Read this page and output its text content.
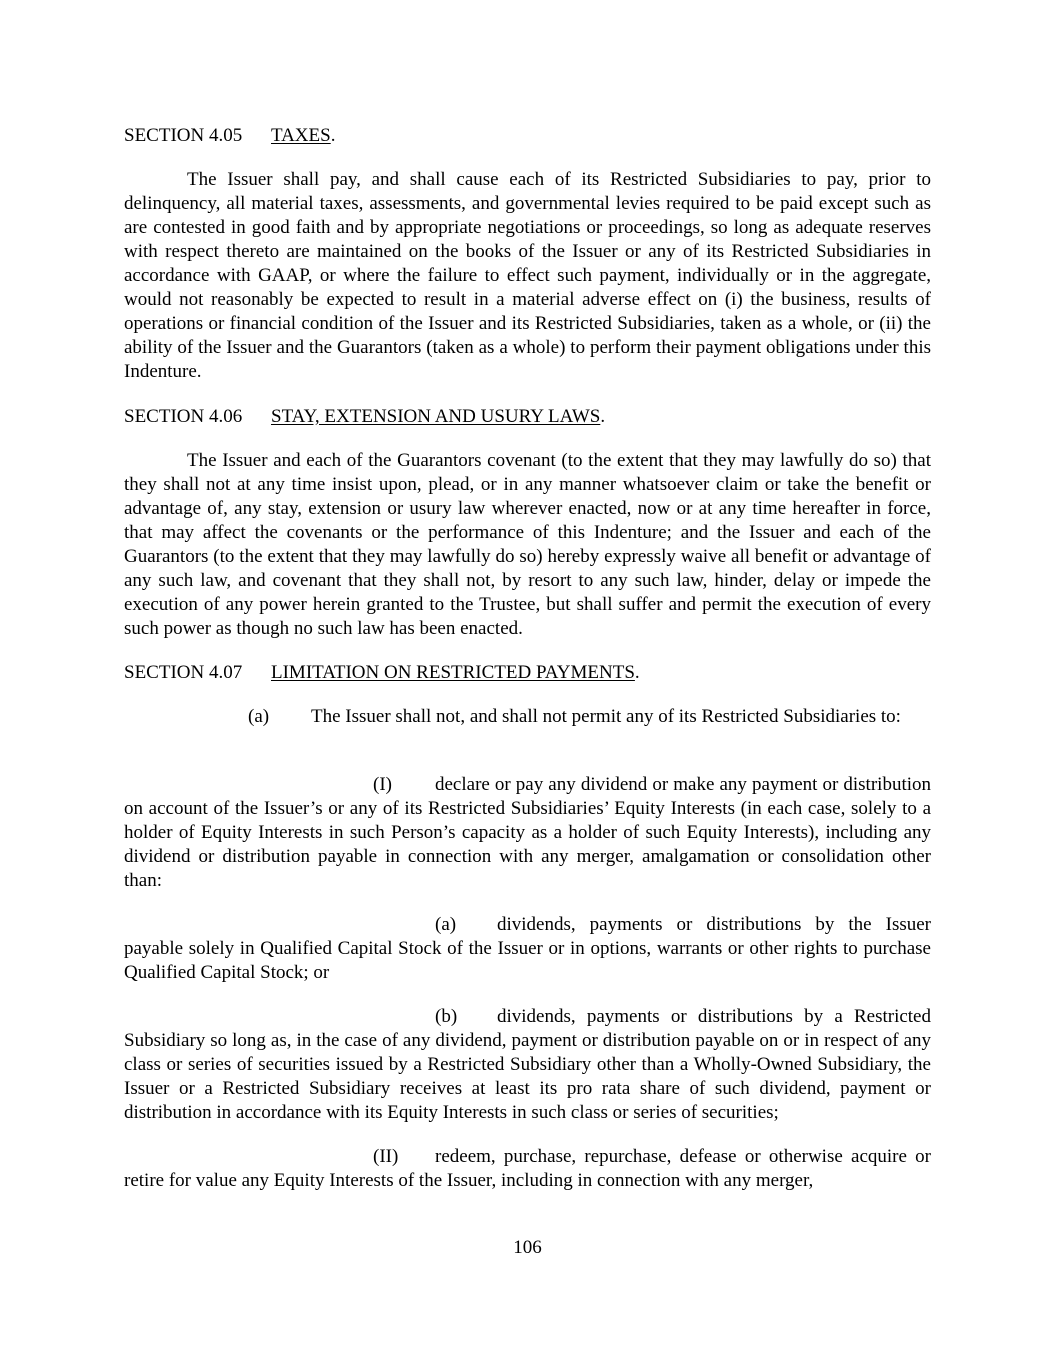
SECTION 4.05 TAXES.

The Issuer shall pay, and shall cause each of its Restricted Subsidiaries to pay, prior to delinquency, all material taxes, assessments, and governmental levies required to be paid except such as are contested in good faith and by appropriate negotiations or proceedings, so long as adequate reserves with respect thereto are maintained on the books of the Issuer or any of its Restricted Subsidiaries in accordance with GAAP, or where the failure to effect such payment, individually or in the aggregate, would not reasonably be expected to result in a material adverse effect on (i) the business, results of operations or financial condition of the Issuer and its Restricted Subsidiaries, taken as a whole, or (ii) the ability of the Issuer and the Guarantors (taken as a whole) to perform their payment obligations under this Indenture.

SECTION 4.06 STAY, EXTENSION AND USURY LAWS.

The Issuer and each of the Guarantors covenant (to the extent that they may lawfully do so) that they shall not at any time insist upon, plead, or in any manner whatsoever claim or take the benefit or advantage of, any stay, extension or usury law wherever enacted, now or at any time hereafter in force, that may affect the covenants or the performance of this Indenture; and the Issuer and each of the Guarantors (to the extent that they may lawfully do so) hereby expressly waive all benefit or advantage of any such law, and covenant that they shall not, by resort to any such law, hinder, delay or impede the execution of any power herein granted to the Trustee, but shall suffer and permit the execution of every such power as though no such law has been enacted.

SECTION 4.07 LIMITATION ON RESTRICTED PAYMENTS.

(a) The Issuer shall not, and shall not permit any of its Restricted Subsidiaries to:

(I) declare or pay any dividend or make any payment or distribution on account of the Issuer’s or any of its Restricted Subsidiaries’ Equity Interests (in each case, solely to a holder of Equity Interests in such Person’s capacity as a holder of such Equity Interests), including any dividend or distribution payable in connection with any merger, amalgamation or consolidation other than:

(a) dividends, payments or distributions by the Issuer payable solely in Qualified Capital Stock of the Issuer or in options, warrants or other rights to purchase Qualified Capital Stock; or

(b) dividends, payments or distributions by a Restricted Subsidiary so long as, in the case of any dividend, payment or distribution payable on or in respect of any class or series of securities issued by a Restricted Subsidiary other than a Wholly-Owned Subsidiary, the Issuer or a Restricted Subsidiary receives at least its pro rata share of such dividend, payment or distribution in accordance with its Equity Interests in such class or series of securities;

(II) redeem, purchase, repurchase, defease or otherwise acquire or retire for value any Equity Interests of the Issuer, including in connection with any merger,

106
